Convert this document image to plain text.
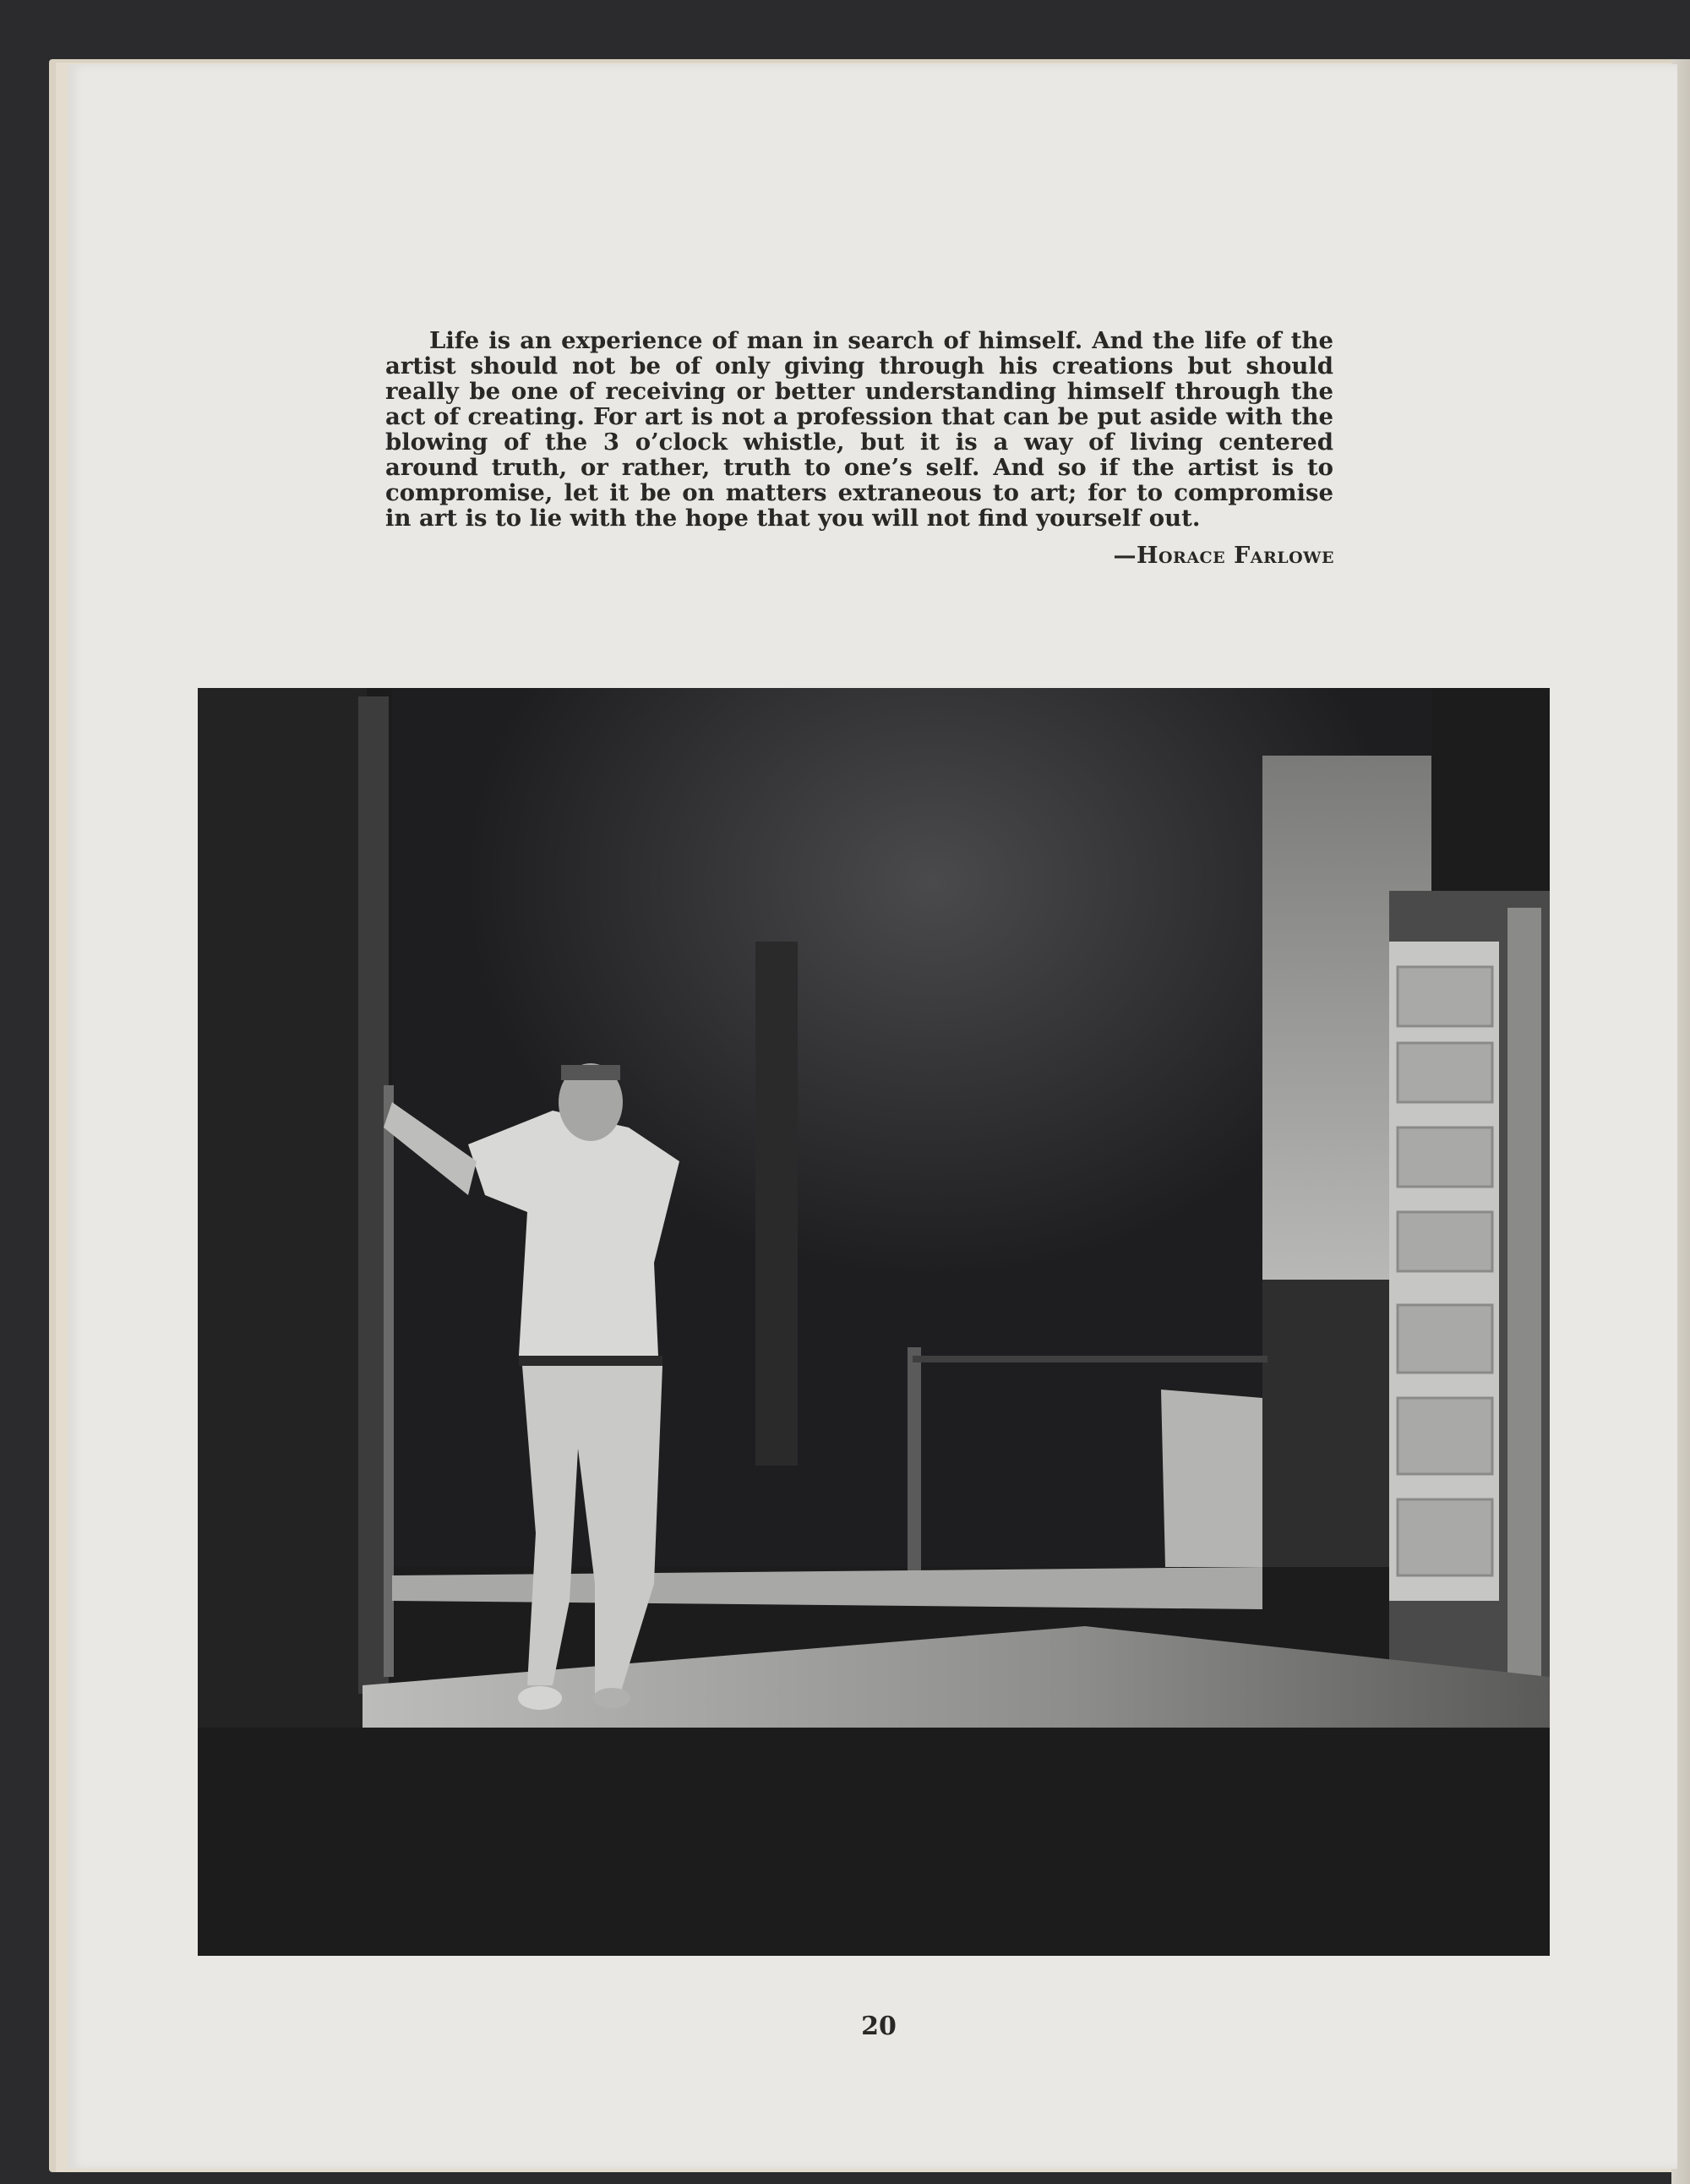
Life is an experience of man in search of himself. And the life of the artist should not be of only giving through his creations but should really be one of receiving or better understanding himself through the act of creating. For art is not a profession that can be put aside with the blowing of the 3 o’clock whistle, but it is a way of living centered around truth, or rather, truth to one’s self. And so if the artist is to compromise, let it be on matters extraneous to art; for to compromise in art is to lie with the hope that you will not find yourself out.

—Horace Farlowe

20
